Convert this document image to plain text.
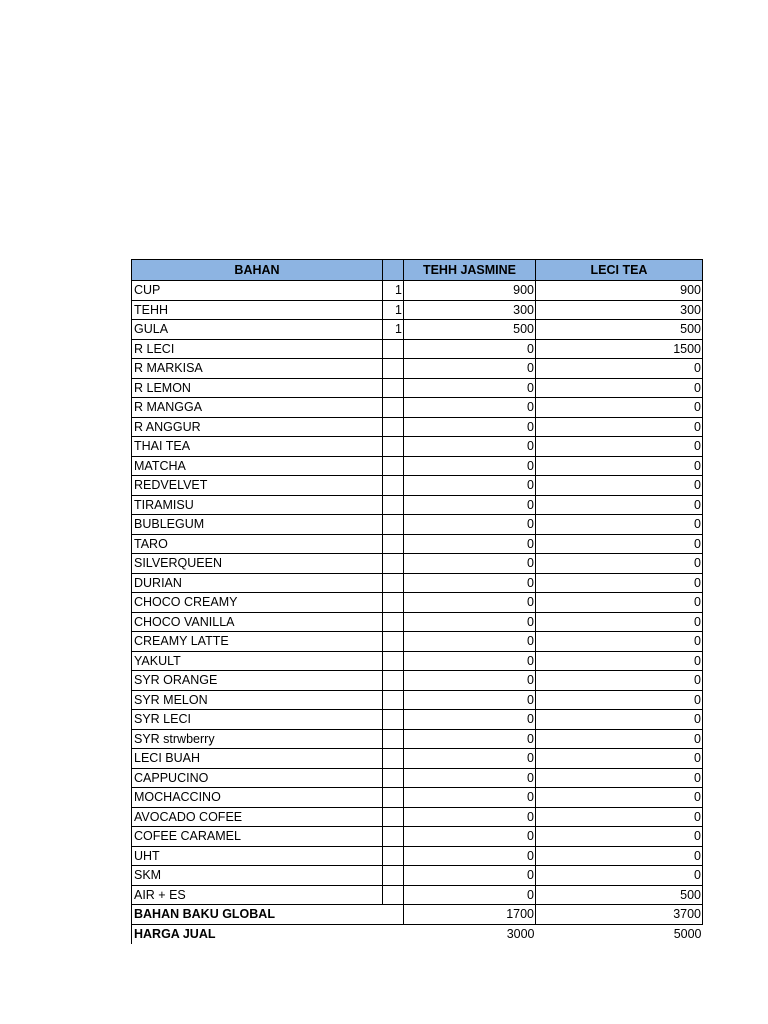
BAHAN		TEHH JASMINE	LECI TEA
CUP	1	900	900
TEHH	1	300	300
GULA	1	500	500
R LECI		0	1500
R MARKISA		0	0
R LEMON		0	0
R MANGGA		0	0
R ANGGUR		0	0
THAI TEA		0	0
MATCHA		0	0
REDVELVET		0	0
TIRAMISU		0	0
BUBLEGUM		0	0
TARO		0	0
SILVERQUEEN		0	0
DURIAN		0	0
CHOCO CREAMY		0	0
CHOCO VANILLA		0	0
CREAMY LATTE		0	0
YAKULT		0	0
SYR ORANGE		0	0
SYR MELON		0	0
SYR LECI		0	0
SYR strwberry		0	0
LECI BUAH		0	0
CAPPUCINO		0	0
MOCHACCINO		0	0
AVOCADO COFEE		0	0
COFEE CARAMEL		0	0
UHT		0	0
SKM		0	0
AIR + ES		0	500
BAHAN BAKU GLOBAL		1700	3700
HARGA JUAL		3000	5000
